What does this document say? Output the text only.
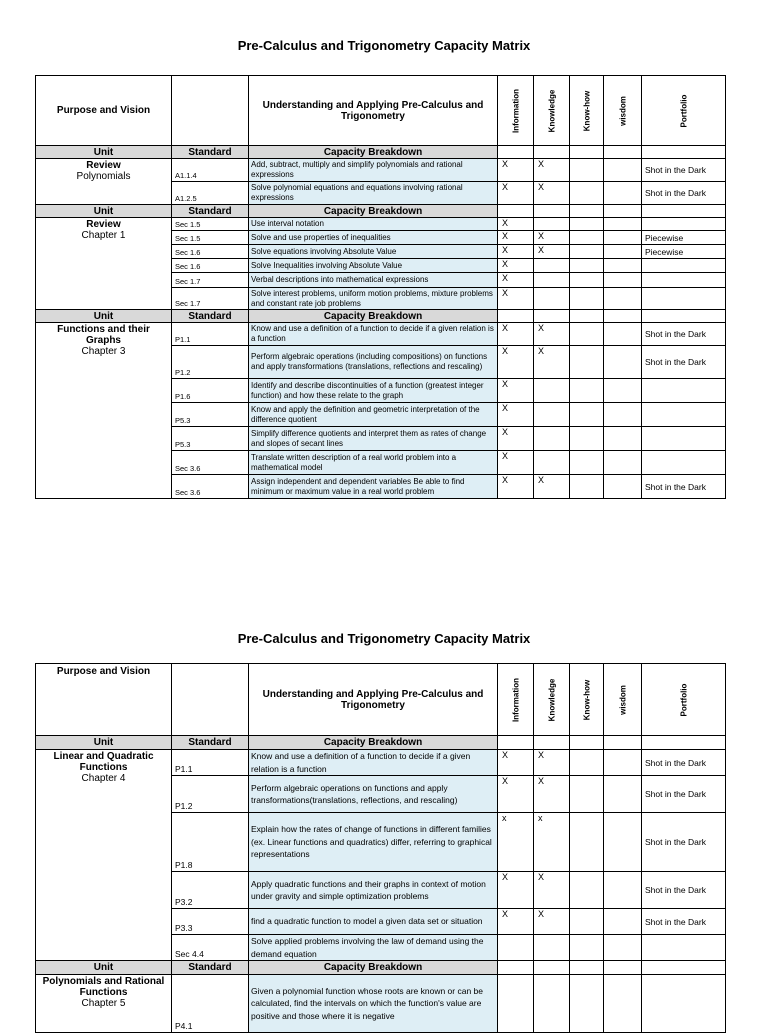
Pre-Calculus and Trigonometry Capacity Matrix
Purpose and Vision		Understanding and Applying Pre-Calculus and Trigonometry	Information	Knowledge	Know-how	wisdom	Portfolio

Unit	Standard	Capacity Breakdown					

Review
Polynomials	A1.1.4	Add, subtract, multiply and simplify polynomials and rational expressions	X	X			Shot in the Dark
	A1.2.5	Solve polynomial equations and equations involving rational expressions	X	X			Shot in the Dark
Unit	Standard	Capacity Breakdown					

Review
Chapter 1	Sec 1.5	Use interval notation	X				
	Sec 1.5	Solve and use properties of inequalities	X	X			Piecewise
	Sec 1.6	Solve equations involving Absolute Value	X	X			Piecewise
	Sec 1.6	Solve Inequalities involving Absolute Value	X				
	Sec 1.7	Verbal descriptions into mathematical expressions	X				
	Sec 1.7	Solve interest problems, uniform motion problems, mixture problems and constant rate job problems	X				
Unit	Standard	Capacity Breakdown					

Functions and their Graphs
Chapter 3	P1.1	Know and use a definition of a function to decide if a given relation is a function	X	X			Shot in the Dark
	P1.2	Perform algebraic operations (including compositions) on functions and apply transformations (translations, reflections and rescaling)	X	X			Shot in the Dark
	P1.6	Identify and describe discontinuities of a function (greatest integer function) and how these relate to the graph	X				
	P5.3	Know and apply the definition and geometric interpretation of the difference quotient	X				
	P5.3	Simplify difference quotients and interpret them as rates of change and slopes of secant lines	X				
	Sec 3.6	Translate written description of a real world problem into a mathematical model	X				
	Sec 3.6	Assign independent and dependent variables Be able to find minimum or maximum value in a real world problem	X	X			Shot in the Dark
Pre-Calculus and Trigonometry Capacity Matrix
Purpose and Vision		Understanding and Applying Pre-Calculus and Trigonometry	Information	Knowledge	Know-how	wisdom	Portfolio

Unit	Standard	Capacity Breakdown					

Linear and Quadratic Functions
Chapter 4	P1.1	Know and use a definition of a function to decide if a given relation is a function	X	X			Shot in the Dark
	P1.2	Perform algebraic operations on functions and apply transformations(translations, reflections, and rescaling)	X	X			Shot in the Dark
	P1.8	Explain how the rates of change of functions in different families (ex. Linear functions and quadratics) differ, referring to graphical representations	x	x			Shot in the Dark
	P3.2	Apply quadratic functions and their graphs in context of motion under gravity and simple optimization problems	X	X			Shot in the Dark
	P3.3	find a quadratic function to model a given data set or situation	X	X			Shot in the Dark
	Sec 4.4	Solve applied problems involving the law of demand using the demand equation					
Unit	Standard	Capacity Breakdown					

Polynomials and Rational Functions
Chapter 5	P4.1	Given a polynomial function whose roots are known or can be calculated, find the intervals on which the function's value are positive and those where it is negative					
